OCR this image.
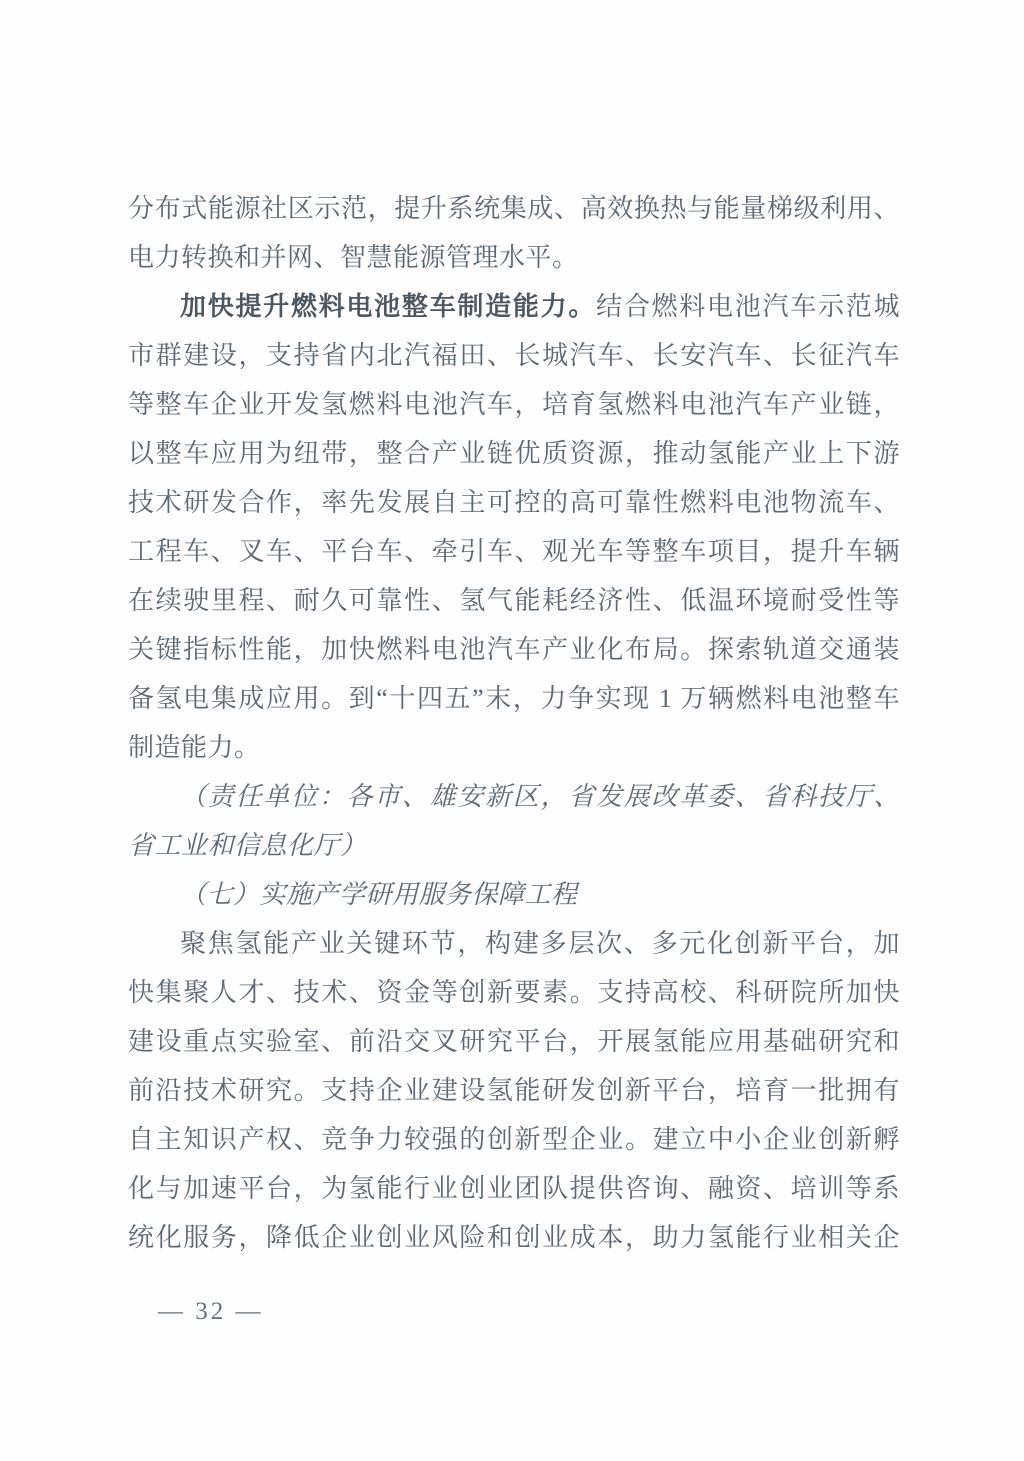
分布式能源社区示范，提升系统集成、高效换热与能量梯级利用、
电力转换和并网、智慧能源管理水平。
加快提升燃料电池整车制造能力。结合燃料电池汽车示范城
市群建设，支持省内北汽福田、长城汽车、长安汽车、长征汽车
等整车企业开发氢燃料电池汽车，培育氢燃料电池汽车产业链，
以整车应用为纽带，整合产业链优质资源，推动氢能产业上下游
技术研发合作，率先发展自主可控的高可靠性燃料电池物流车、
工程车、叉车、平台车、牵引车、观光车等整车项目，提升车辆
在续驶里程、耐久可靠性、氢气能耗经济性、低温环境耐受性等
关键指标性能，加快燃料电池汽车产业化布局。探索轨道交通装
备氢电集成应用。到“十四五”末，力争实现 1 万辆燃料电池整车
制造能力。
（责任单位：各市、雄安新区，省发展改革委、省科技厅、
省工业和信息化厅）
（七）实施产学研用服务保障工程
聚焦氢能产业关键环节，构建多层次、多元化创新平台，加
快集聚人才、技术、资金等创新要素。支持高校、科研院所加快
建设重点实验室、前沿交叉研究平台，开展氢能应用基础研究和
前沿技术研究。支持企业建设氢能研发创新平台，培育一批拥有
自主知识产权、竞争力较强的创新型企业。建立中小企业创新孵
化与加速平台，为氢能行业创业团队提供咨询、融资、培训等系
统化服务，降低企业创业风险和创业成本，助力氢能行业相关企
— 32 —
